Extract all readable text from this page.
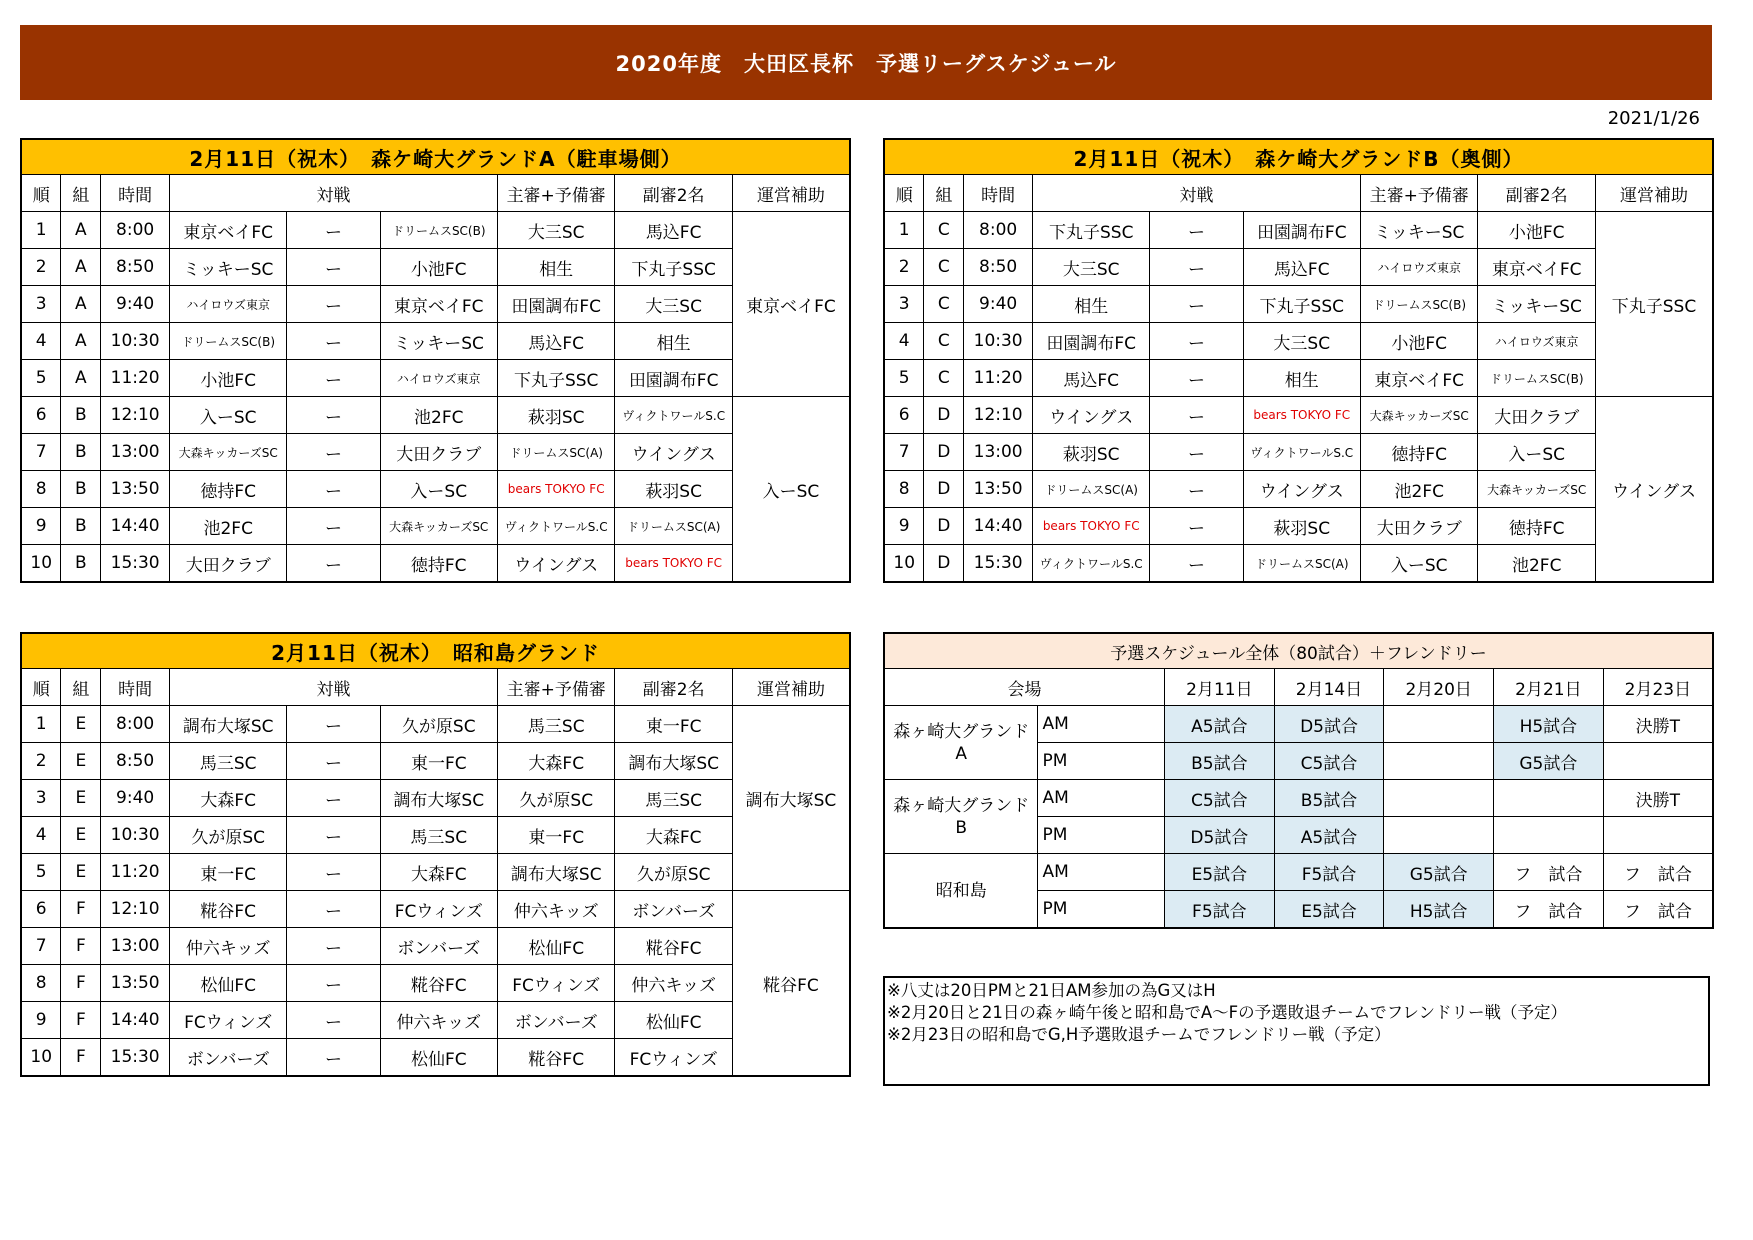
2020年度　大田区長杯　予選リーグスケジュール
2021/1/26
2月11日（祝木）　森ケ崎大グランドA（駐車場側）								
順	組	時間	対戦			主審+予備審	副審2名	運営補助
1	A	8:00	東京ベイFC	ー	ドリームスSC(B)	大三SC	馬込FC	東京ベイFC
2	A	8:50	ミッキーSC	ー	小池FC	相生	下丸子SSC	
3	A	9:40	ハイロウズ東京	ー	東京ベイFC	田園調布FC	大三SC	
4	A	10:30	ドリームスSC(B)	ー	ミッキーSC	馬込FC	相生	
5	A	11:20	小池FC	ー	ハイロウズ東京	下丸子SSC	田園調布FC	
6	B	12:10	入ーSC	ー	池2FC	萩羽SC	ヴィクトワールS.C	入ーSC
7	B	13:00	大森キッカーズSC	ー	大田クラブ	ドリームスSC(A)	ウイングス	
8	B	13:50	徳持FC	ー	入ーSC	bears TOKYO FC	萩羽SC	
9	B	14:40	池2FC	ー	大森キッカーズSC	ヴィクトワールS.C	ドリームスSC(A)	
10	B	15:30	大田クラブ	ー	徳持FC	ウイングス	bears TOKYO FC	
2月11日（祝木）　森ケ崎大グランドB（奥側）								
順	組	時間	対戦			主審+予備審	副審2名	運営補助
1	C	8:00	下丸子SSC	ー	田園調布FC	ミッキーSC	小池FC	下丸子SSC
2	C	8:50	大三SC	ー	馬込FC	ハイロウズ東京	東京ベイFC	
3	C	9:40	相生	ー	下丸子SSC	ドリームスSC(B)	ミッキーSC	
4	C	10:30	田園調布FC	ー	大三SC	小池FC	ハイロウズ東京	
5	C	11:20	馬込FC	ー	相生	東京ベイFC	ドリームスSC(B)	
6	D	12:10	ウイングス	ー	bears TOKYO FC	大森キッカーズSC	大田クラブ	ウイングス
7	D	13:00	萩羽SC	ー	ヴィクトワールS.C	徳持FC	入ーSC	
8	D	13:50	ドリームスSC(A)	ー	ウイングス	池2FC	大森キッカーズSC	
9	D	14:40	bears TOKYO FC	ー	萩羽SC	大田クラブ	徳持FC	
10	D	15:30	ヴィクトワールS.C	ー	ドリームスSC(A)	入ーSC	池2FC	
2月11日（祝木）　昭和島グランド								
順	組	時間	対戦			主審+予備審	副審2名	運営補助
1	E	8:00	調布大塚SC	ー	久が原SC	馬三SC	東一FC	調布大塚SC
2	E	8:50	馬三SC	ー	東一FC	大森FC	調布大塚SC	
3	E	9:40	大森FC	ー	調布大塚SC	久が原SC	馬三SC	
4	E	10:30	久が原SC	ー	馬三SC	東一FC	大森FC	
5	E	11:20	東一FC	ー	大森FC	調布大塚SC	久が原SC	
6	F	12:10	糀谷FC	ー	FCウィンズ	仲六キッズ	ボンバーズ	糀谷FC
7	F	13:00	仲六キッズ	ー	ボンバーズ	松仙FC	糀谷FC	
8	F	13:50	松仙FC	ー	糀谷FC	FCウィンズ	仲六キッズ	
9	F	14:40	FCウィンズ	ー	仲六キッズ	ボンバーズ	松仙FC	
10	F	15:30	ボンバーズ	ー	松仙FC	糀谷FC	FCウィンズ	
予選スケジュール全体（80試合）＋フレンドリー						
会場		2月11日	2月14日	2月20日	2月21日	2月23日
森ヶ崎大グランド A	AM	A5試合	D5試合		H5試合	決勝T
	PM	B5試合	C5試合		G5試合	
森ヶ崎大グランド B	AM	C5試合	B5試合			決勝T
	PM	D5試合	A5試合			
昭和島	AM	E5試合	F5試合	G5試合	フ　試合	フ　試合
	PM	F5試合	E5試合	H5試合	フ　試合	フ　試合
※八丈は20日PMと21日AM参加の為G又はH
※2月20日と21日の森ヶ崎午後と昭和島でA～Fの予選敗退チームでフレンドリー戦（予定）
※2月23日の昭和島でG,H予選敗退チームでフレンドリー戦（予定）
